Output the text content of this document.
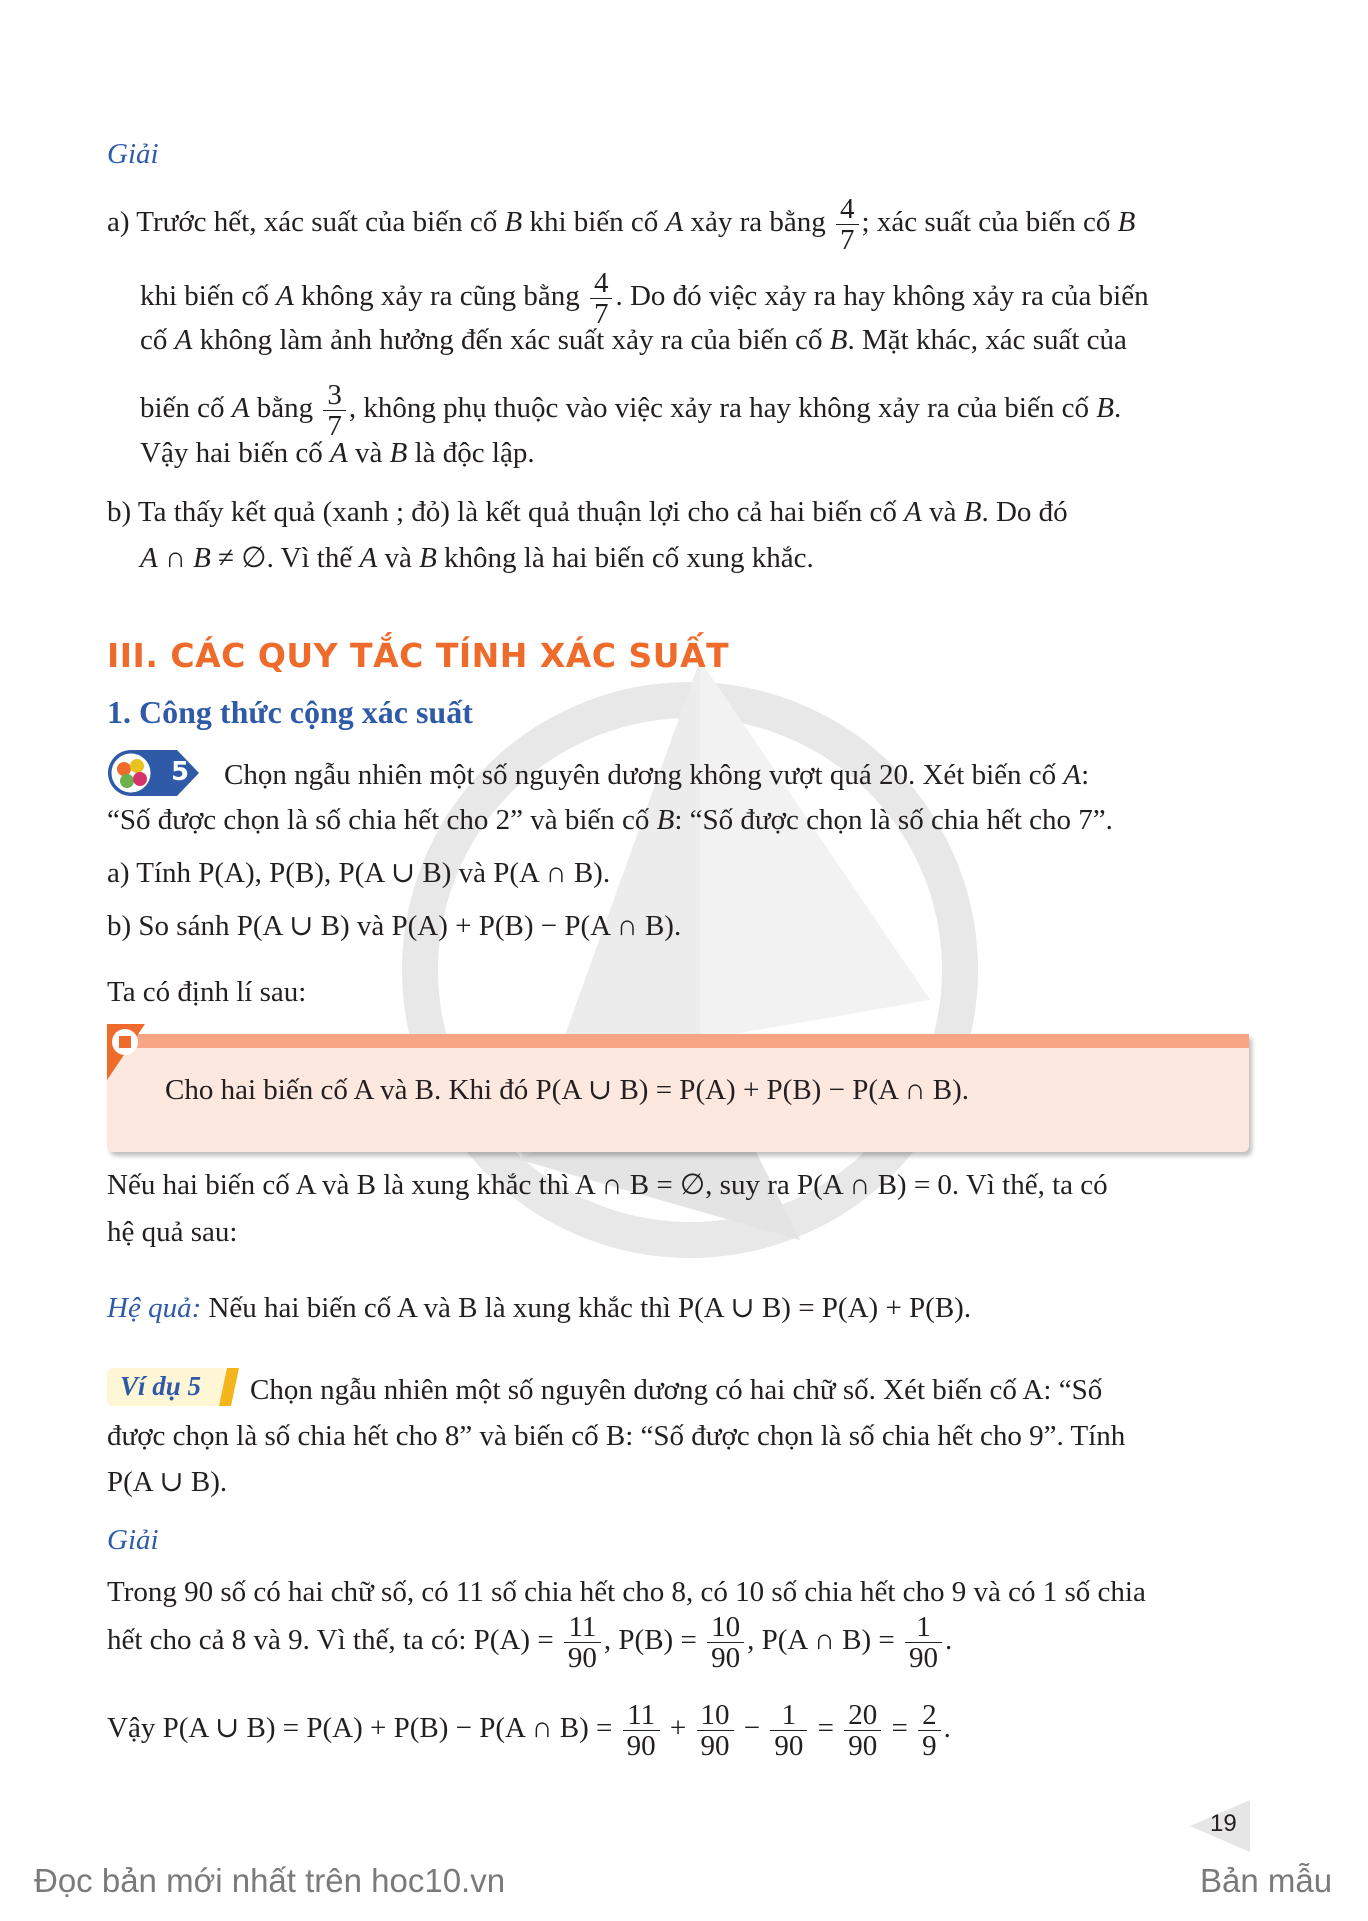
Giải
a) Trước hết, xác suất của biến cố B khi biến cố A xảy ra bằng $\frac{4}{7}$ ; xác suất của biến cố B
khi biến cố A không xảy ra cũng bằng $\frac{4}{7}$ . Do đó việc xảy ra hay không xảy ra của biến
cố A không làm ảnh hưởng đến xác suất xảy ra của biến cố B. Mặt khác, xác suất của
biến cố A bằng $\frac{3}{7}$ , không phụ thuộc vào việc xảy ra hay không xảy ra của biến cố B.
Vậy hai biến cố A và B là độc lập.
b) Ta thấy kết quả (xanh ; đỏ) là kết quả thuận lợi cho cả hai biến cố A và B. Do đó
A ∩ B ≠ ∅. Vì thế A và B không là hai biến cố xung khắc.
III. CÁC QUY TẮC TÍNH XÁC SUẤT
1. Công thức cộng xác suất
5 Chọn ngẫu nhiên một số nguyên dương không vượt quá 20. Xét biến cố A:
“Số được chọn là số chia hết cho 2” và biến cố B: “Số được chọn là số chia hết cho 7”.
a) Tính P(A), P(B), P(A ∪ B) và P(A ∩ B).
b) So sánh P(A ∪ B) và P(A) + P(B) − P(A ∩ B).
Ta có định lí sau:
Cho hai biến cố A và B. Khi đó P(A ∪ B) = P(A) + P(B) − P(A ∩ B).
Nếu hai biến cố A và B là xung khắc thì A ∩ B = ∅, suy ra P(A ∩ B) = 0. Vì thế, ta có
hệ quả sau:
Hệ quả: Nếu hai biến cố A và B là xung khắc thì P(A ∪ B) = P(A) + P(B).
Ví dụ 5 Chọn ngẫu nhiên một số nguyên dương có hai chữ số. Xét biến cố A: “Số
được chọn là số chia hết cho 8” và biến cố B: “Số được chọn là số chia hết cho 9”. Tính
P(A ∪ B).
Giải
Trong 90 số có hai chữ số, có 11 số chia hết cho 8, có 10 số chia hết cho 9 và có 1 số chia
hết cho cả 8 và 9. Vì thế, ta có: $P(A) = \frac{11}{90}$ , $P(B) = \frac{10}{90}$ , P(A ∩ $B) = \frac{1}{90}$ .
Vậy P(A ∪ B) = P(A) + P(B) − P(A ∩ $B) = \frac{11}{90} + \frac{10}{90} - \frac{1}{90} = \frac{20}{90} = \frac{2}{9}$ .
19
Đọc bản mới nhất trên hoc10.vn	Bản mẫu
